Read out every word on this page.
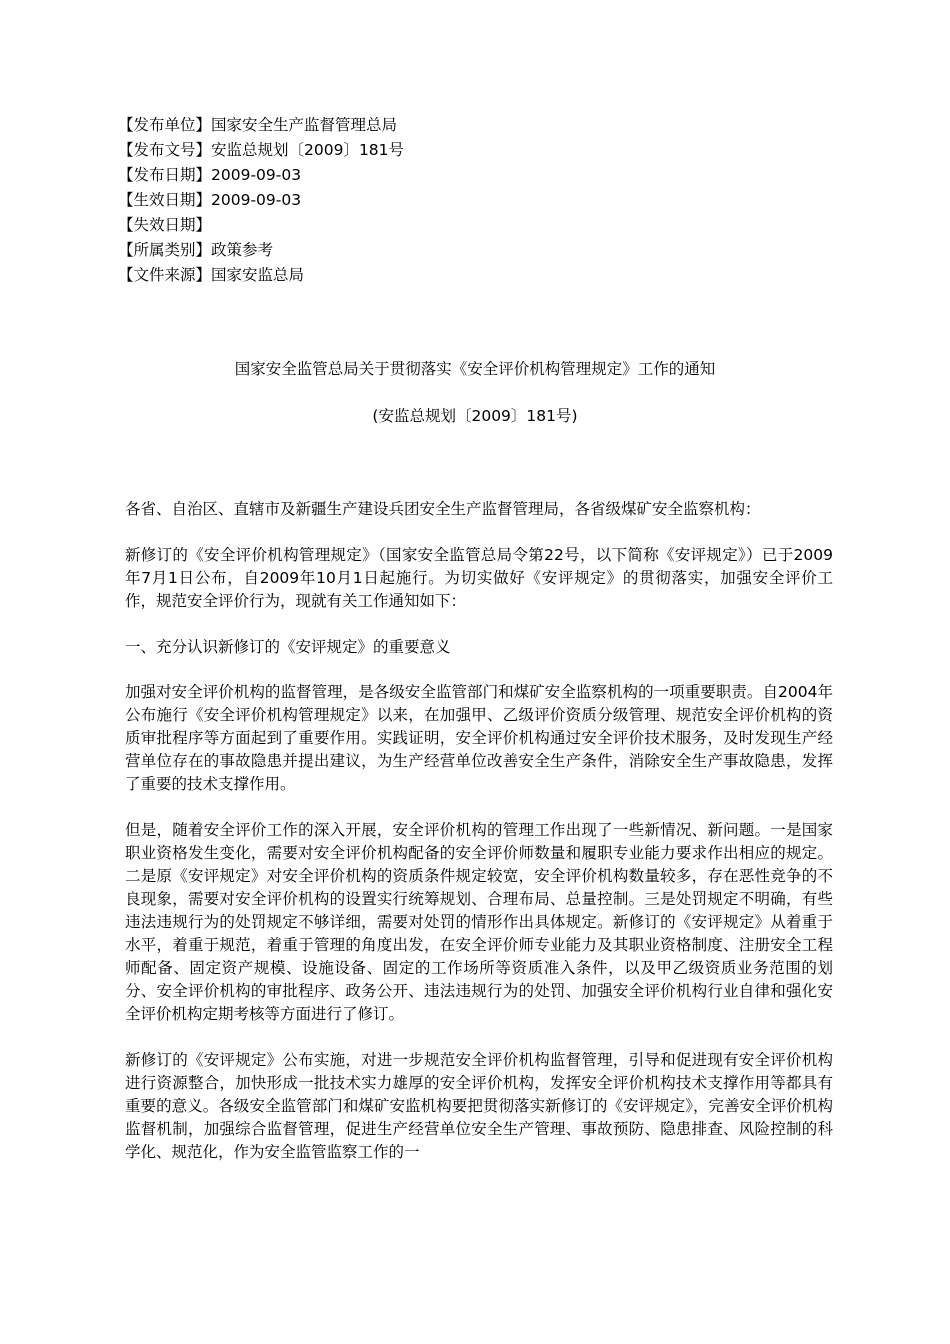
【发布单位】国家安全生产监督管理总局
【发布文号】安监总规划〔2009〕181号
【发布日期】2009-09-03
【生效日期】2009-09-03
【失效日期】
【所属类别】政策参考
【文件来源】国家安监总局
国家安全监管总局关于贯彻落实《安全评价机构管理规定》工作的通知
(安监总规划〔2009〕181号)

各省、自治区、直辖市及新疆生产建设兵团安全生产监督管理局，各省级煤矿安全监察机构：

新修订的《安全评价机构管理规定》（国家安全监管总局令第22号，以下简称《安评规定》）已于2009年7月1日公布，自2009年10月1日起施行。为切实做好《安评规定》的贯彻落实，加强安全评价工作，规范安全评价行为，现就有关工作通知如下：

一、充分认识新修订的《安评规定》的重要意义

加强对安全评价机构的监督管理，是各级安全监管部门和煤矿安全监察机构的一项重要职责。自2004年公布施行《安全评价机构管理规定》以来，在加强甲、乙级评价资质分级管理、规范安全评价机构的资质审批程序等方面起到了重要作用。实践证明，安全评价机构通过安全评价技术服务，及时发现生产经营单位存在的事故隐患并提出建议，为生产经营单位改善安全生产条件，消除安全生产事故隐患，发挥了重要的技术支撑作用。

但是，随着安全评价工作的深入开展，安全评价机构的管理工作出现了一些新情况、新问题。一是国家职业资格发生变化，需要对安全评价机构配备的安全评价师数量和履职专业能力要求作出相应的规定。二是原《安评规定》对安全评价机构的资质条件规定较宽，安全评价机构数量较多，存在恶性竞争的不良现象，需要对安全评价机构的设置实行统筹规划、合理布局、总量控制。三是处罚规定不明确，有些违法违规行为的处罚规定不够详细，需要对处罚的情形作出具体规定。新修订的《安评规定》从着重于水平，着重于规范，着重于管理的角度出发，在安全评价师专业能力及其职业资格制度、注册安全工程师配备、固定资产规模、设施设备、固定的工作场所等资质准入条件，以及甲乙级资质业务范围的划分、安全评价机构的审批程序、政务公开、违法违规行为的处罚、加强安全评价机构行业自律和强化安全评价机构定期考核等方面进行了修订。

新修订的《安评规定》公布实施，对进一步规范安全评价机构监督管理，引导和促进现有安全评价机构进行资源整合，加快形成一批技术实力雄厚的安全评价机构，发挥安全评价机构技术支撑作用等都具有重要的意义。各级安全监管部门和煤矿安监机构要把贯彻落实新修订的《安评规定》，完善安全评价机构监督机制，加强综合监督管理，促进生产经营单位安全生产管理、事故预防、隐患排查、风险控制的科学化、规范化，作为安全监管监察工作的一
